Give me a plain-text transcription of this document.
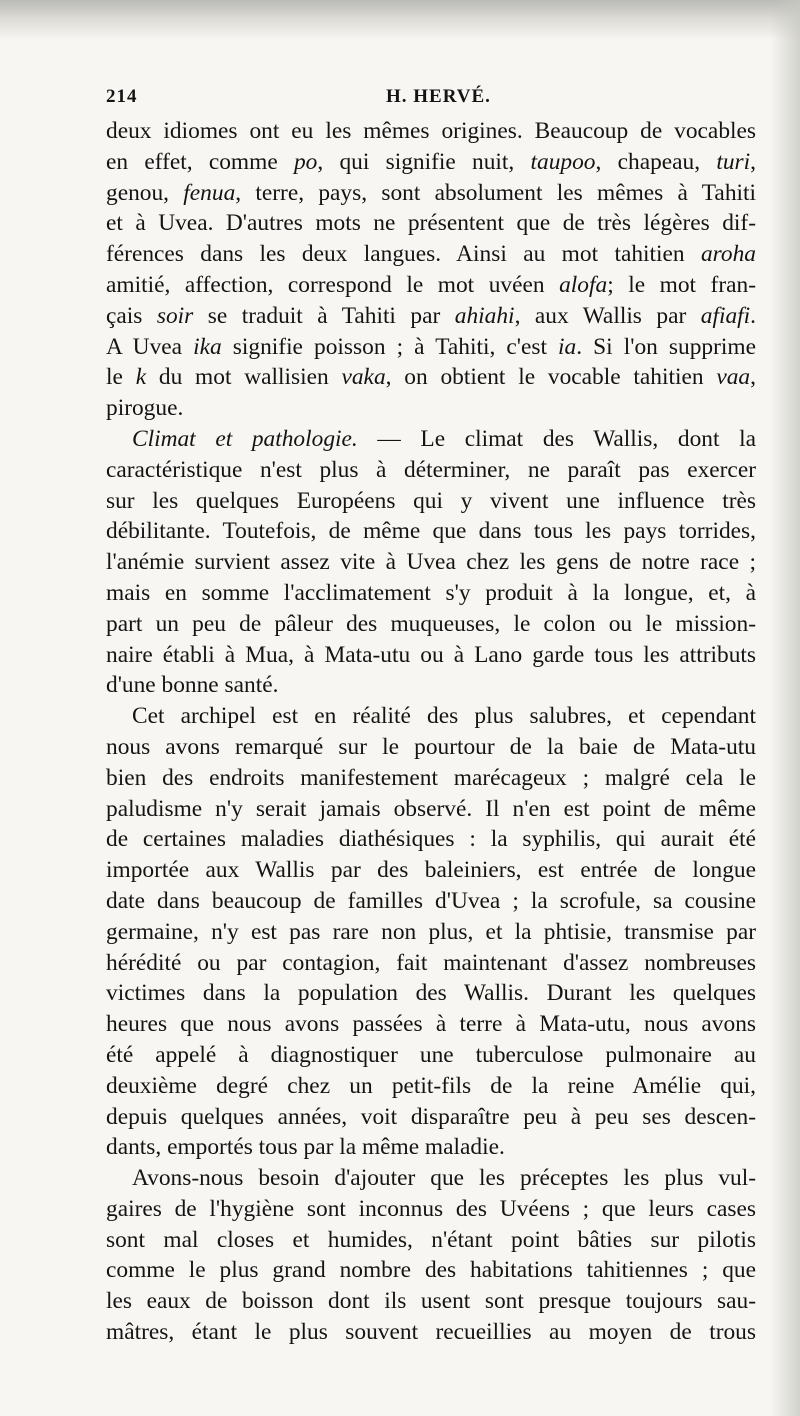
214	H. HERVÉ.
deux idiomes ont eu les mêmes origines. Beaucoup de vocables
en effet, comme po, qui signifie nuit, taupoo, chapeau, turi,
genou, fenua, terre, pays, sont absolument les mêmes à Tahiti
et à Uvea. D'autres mots ne présentent que de très légères dif-
férences dans les deux langues. Ainsi au mot tahitien aroha
amitié, affection, correspond le mot uvéen alofa; le mot fran-
çais soir se traduit à Tahiti par ahiahi, aux Wallis par afiafi.
A Uvea ika signifie poisson ; à Tahiti, c'est ia. Si l'on supprime
le k du mot wallisien vaka, on obtient le vocable tahitien vaa,
pirogue.
Climat et pathologie. — Le climat des Wallis, dont la
caractéristique n'est plus à déterminer, ne paraît pas exercer
sur les quelques Européens qui y vivent une influence très
débilitante. Toutefois, de même que dans tous les pays torrides,
l'anémie survient assez vite à Uvea chez les gens de notre race ;
mais en somme l'acclimatement s'y produit à la longue, et, à
part un peu de pâleur des muqueuses, le colon ou le mission-
naire établi à Mua, à Mata-utu ou à Lano garde tous les attributs
d'une bonne santé.
Cet archipel est en réalité des plus salubres, et cependant
nous avons remarqué sur le pourtour de la baie de Mata-utu
bien des endroits manifestement marécageux ; malgré cela le
paludisme n'y serait jamais observé. Il n'en est point de même
de certaines maladies diathésiques : la syphilis, qui aurait été
importée aux Wallis par des baleiniers, est entrée de longue
date dans beaucoup de familles d'Uvea ; la scrofule, sa cousine
germaine, n'y est pas rare non plus, et la phtisie, transmise par
hérédité ou par contagion, fait maintenant d'assez nombreuses
victimes dans la population des Wallis. Durant les quelques
heures que nous avons passées à terre à Mata-utu, nous avons
été appelé à diagnostiquer une tuberculose pulmonaire au
deuxième degré chez un petit-fils de la reine Amélie qui,
depuis quelques années, voit disparaître peu à peu ses descen-
dants, emportés tous par la même maladie.
Avons-nous besoin d'ajouter que les préceptes les plus vul-
gaires de l'hygiène sont inconnus des Uvéens ; que leurs cases
sont mal closes et humides, n'étant point bâties sur pilotis
comme le plus grand nombre des habitations tahitiennes ; que
les eaux de boisson dont ils usent sont presque toujours sau-
mâtres, étant le plus souvent recueillies au moyen de trous
